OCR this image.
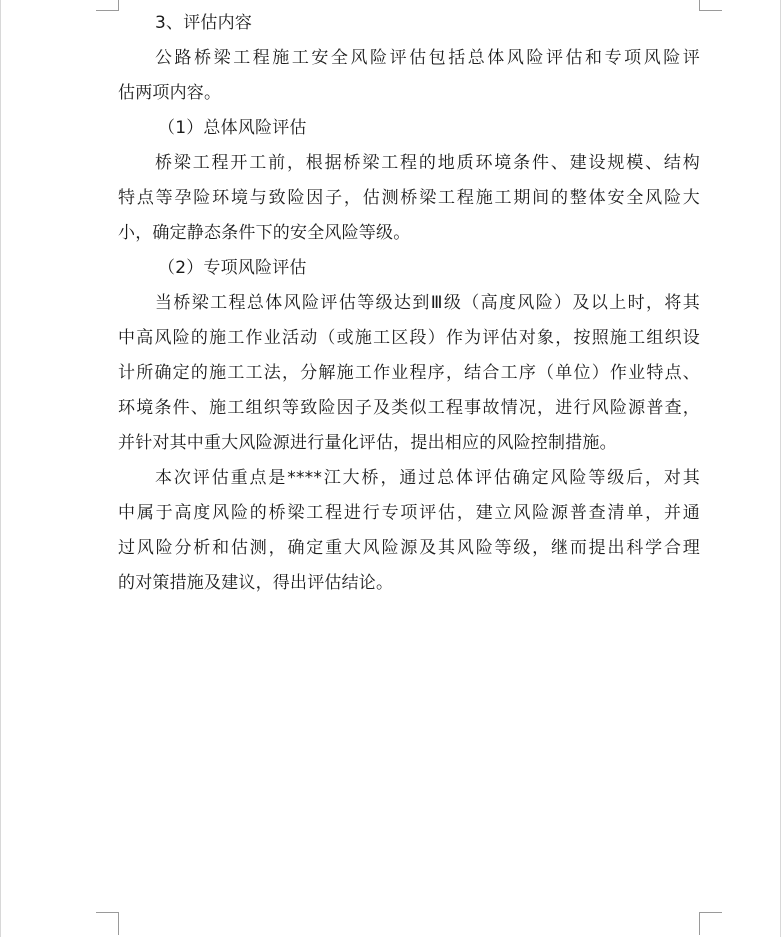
3、评估内容
公路桥梁工程施工安全风险评估包括总体风险评估和专项风险评
估两项内容。
（1）总体风险评估
桥梁工程开工前，根据桥梁工程的地质环境条件、建设规模、结构
特点等孕险环境与致险因子，估测桥梁工程施工期间的整体安全风险大
小，确定静态条件下的安全风险等级。
（2）专项风险评估
当桥梁工程总体风险评估等级达到Ⅲ级（高度风险）及以上时，将其
中高风险的施工作业活动（或施工区段）作为评估对象，按照施工组织设
计所确定的施工工法，分解施工作业程序，结合工序（单位）作业特点、
环境条件、施工组织等致险因子及类似工程事故情况，进行风险源普查，
并针对其中重大风险源进行量化评估，提出相应的风险控制措施。
本次评估重点是****江大桥，通过总体评估确定风险等级后，对其
中属于高度风险的桥梁工程进行专项评估，建立风险源普查清单，并通
过风险分析和估测，确定重大风险源及其风险等级，继而提出科学合理
的对策措施及建议，得出评估结论。
